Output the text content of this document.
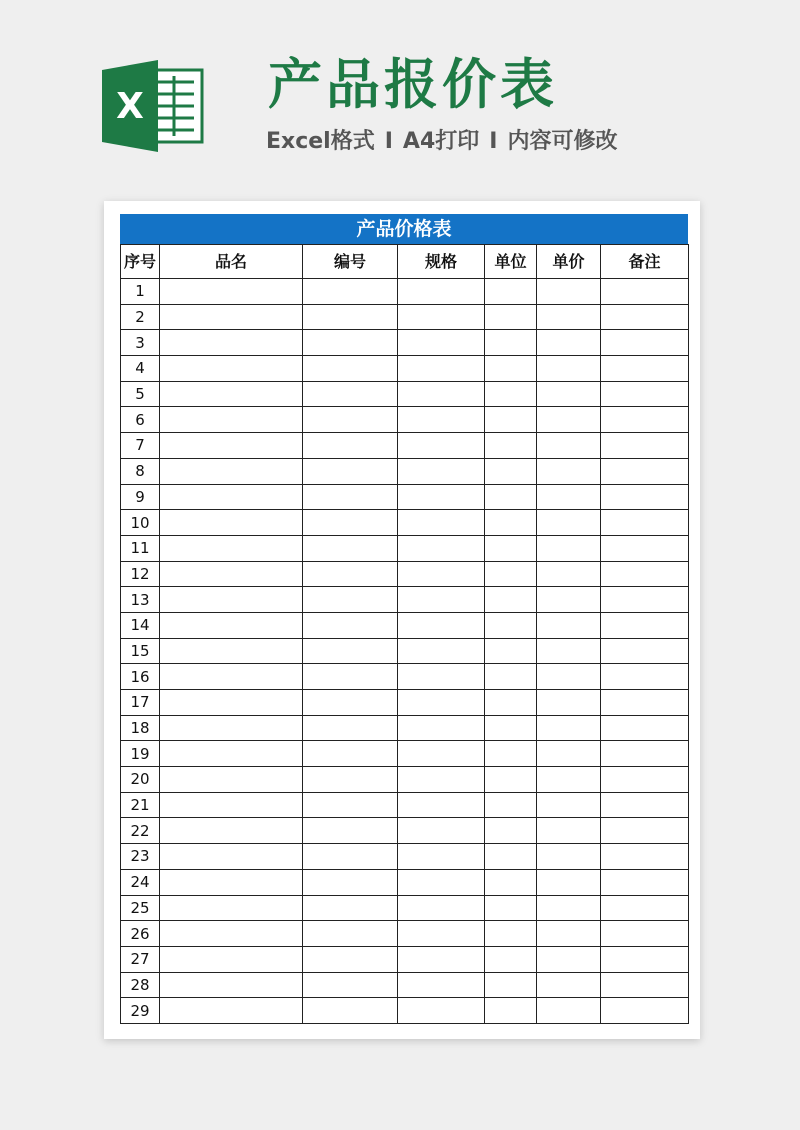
X 产品报价表
Excel格式 I A4打印 I 内容可修改
产品价格表
序号	品名	编号	规格	单位	单价	备注
1						
2						
3						
4						
5						
6						
7						
8						
9						
10						
11						
12						
13						
14						
15						
16						
17						
18						
19						
20						
21						
22						
23						
24						
25						
26						
27						
28						
29						
